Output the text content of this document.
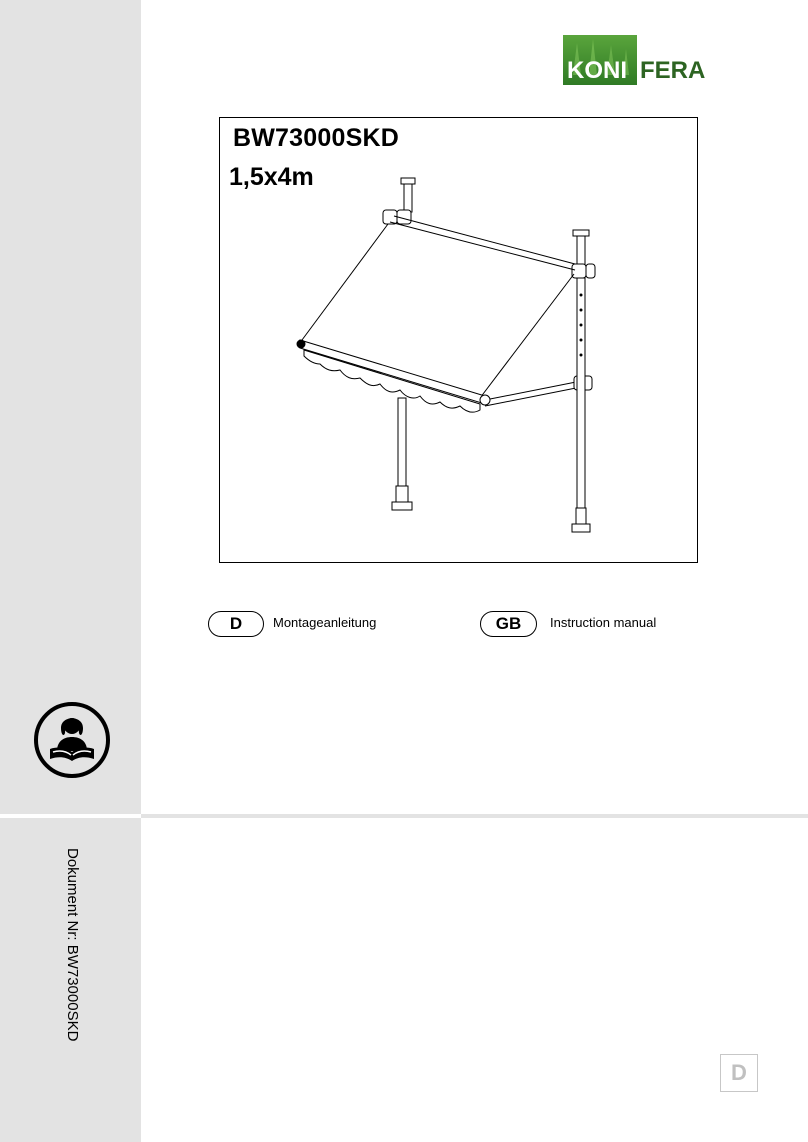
KONI FERA
BW73000SKD
1,5x4m
D	Montageanleitung	GB	Instruction manual
Dokument Nr: BW73000SKD
D
